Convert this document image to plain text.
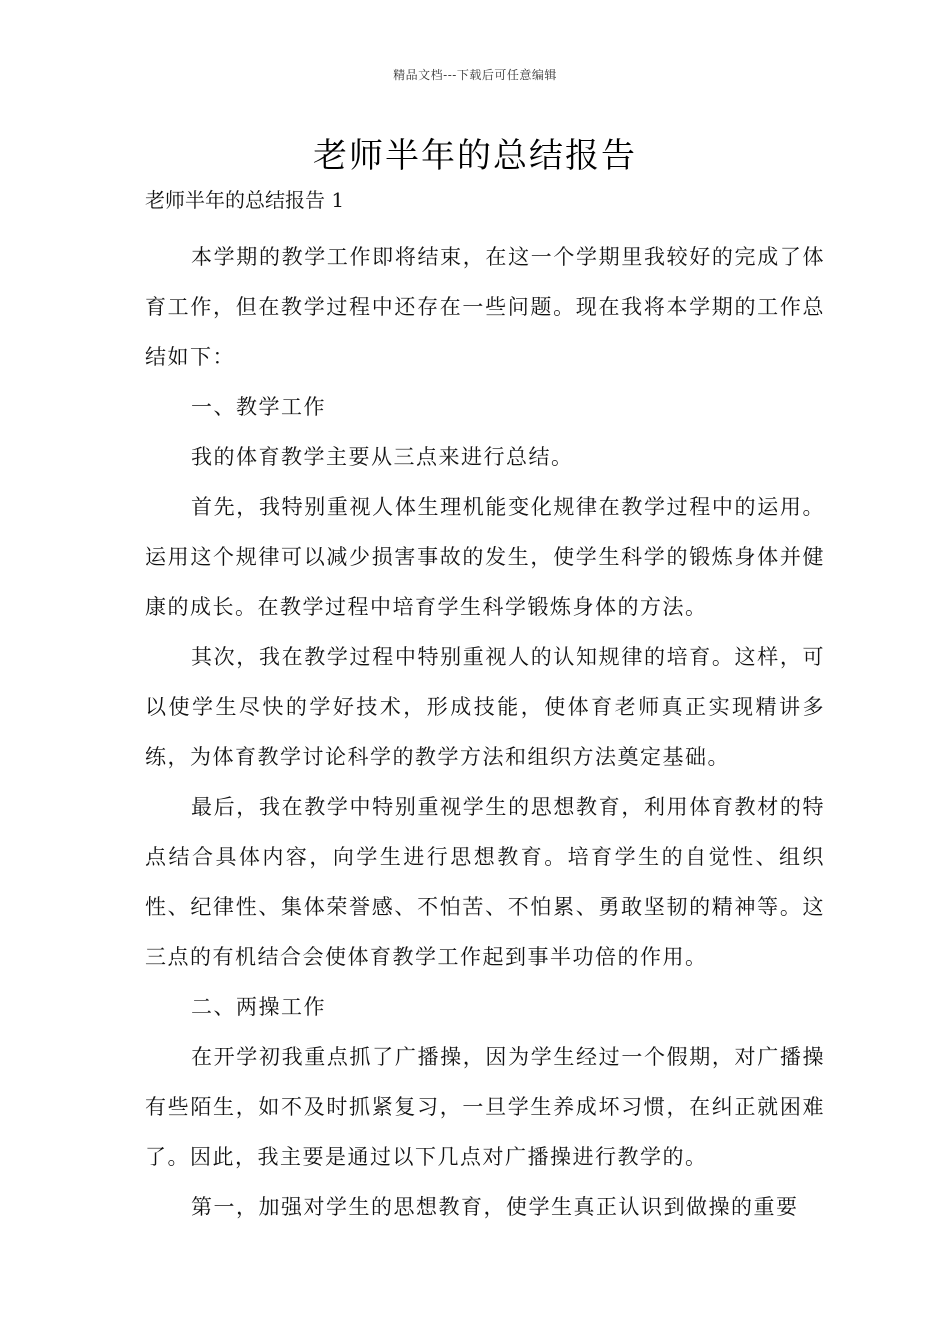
精品文档---下载后可任意编辑
老师半年的总结报告

老师半年的总结报告 1

本学期的教学工作即将结束，在这一个学期里我较好的完成了体育工作，但在教学过程中还存在一些问题。现在我将本学期的工作总结如下：

一、教学工作

我的体育教学主要从三点来进行总结。

首先，我特别重视人体生理机能变化规律在教学过程中的运用。运用这个规律可以减少损害事故的发生，使学生科学的锻炼身体并健康的成长。在教学过程中培育学生科学锻炼身体的方法。

其次，我在教学过程中特别重视人的认知规律的培育。这样，可以使学生尽快的学好技术，形成技能，使体育老师真正实现精讲多练，为体育教学讨论科学的教学方法和组织方法奠定基础。

最后，我在教学中特别重视学生的思想教育，利用体育教材的特点结合具体内容，向学生进行思想教育。培育学生的自觉性、组织性、纪律性、集体荣誉感、不怕苦、不怕累、勇敢坚韧的精神等。这三点的有机结合会使体育教学工作起到事半功倍的作用。

二、两操工作

在开学初我重点抓了广播操，因为学生经过一个假期，对广播操有些陌生，如不及时抓紧复习，一旦学生养成坏习惯，在纠正就困难了。因此，我主要是通过以下几点对广播操进行教学的。

第一，加强对学生的思想教育，使学生真正认识到做操的重要
